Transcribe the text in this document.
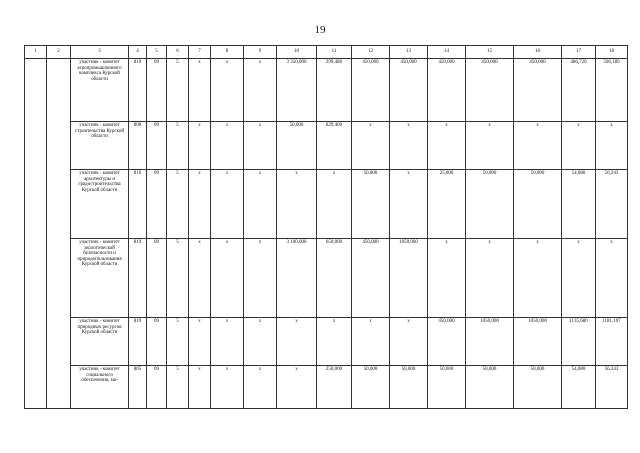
19
1	2	3	4	5	6	7	8	9	10	11	12	13	14	15	16	17	18
		участник - комитет агропромышленного комплекса Курской области	810	09	5	x	x	x	3 350,000	299,486	450,000	450,000	450,000	450,000	450,000	486,720	506,189
		участник - комитет строительства Курской области	808	09	5	x	x	x	50,000	829,400	x	x	x	x	x	x	x
		участник - комитет архитектуры и градостроительства Курской области	816	09	5	x	x	x	x	x	50,000	x	25,000	50,000	50,000	54,080	56,243
		участник - комитет экологической безопасности и природопользования Курской области	819	09	5	x	x	x	3 100,000	650,000	450,000	1050,000	x	x	x	x	x
		участник - комитет природных ресурсов Курской области	819	09	5	x	x	x	x	x	x	x	450,000	1050,000	1050,000	1135,680	1181,107
		участник - комитет социального обеспечения, ма-	805	09	5	x	x	x	x	250,000	50,000	50,000	50,000	50,000	50,000	54,080	56,243
